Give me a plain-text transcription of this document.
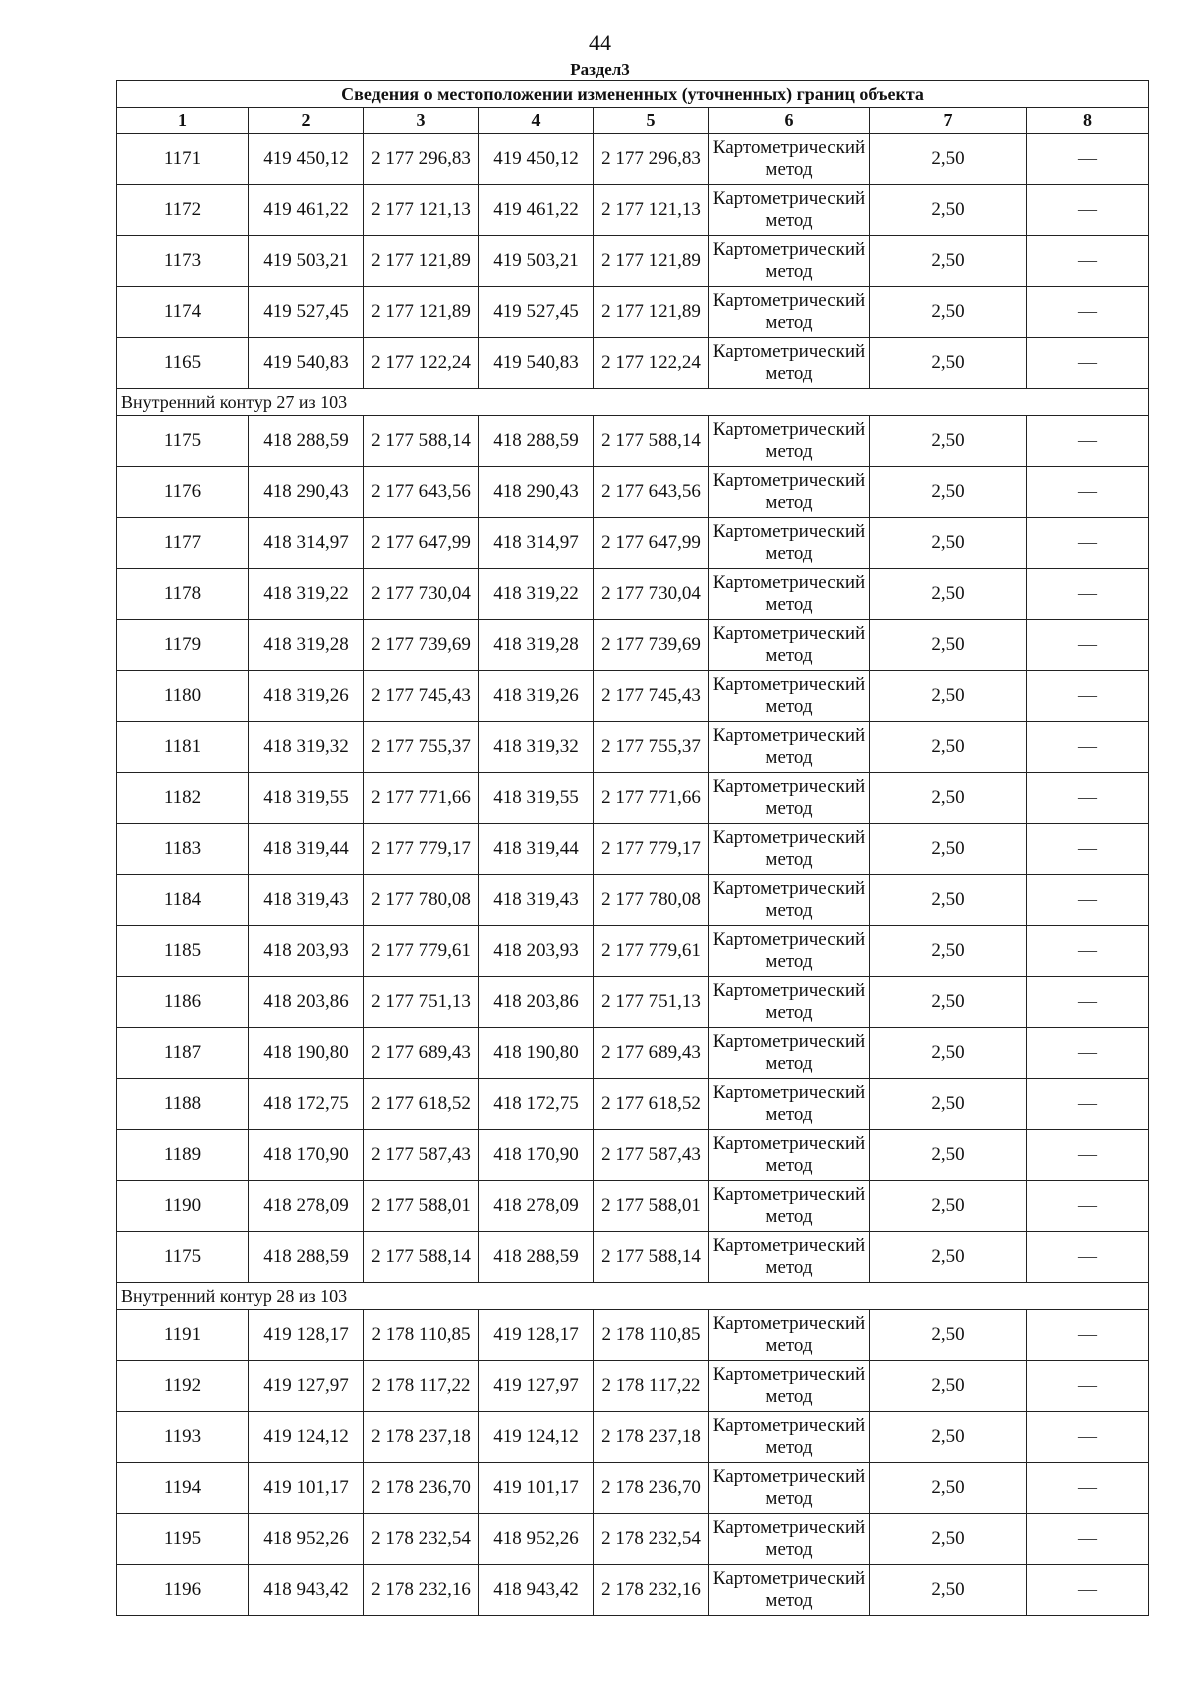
44
Раздел3
Сведения о местоположении измененных (уточненных) границ объекта							
1	2	3	4	5	6	7	8
1171	419 450,12	2 177 296,83	419 450,12	2 177 296,83	Картометрический метод	2,50	—
1172	419 461,22	2 177 121,13	419 461,22	2 177 121,13	Картометрический метод	2,50	—
1173	419 503,21	2 177 121,89	419 503,21	2 177 121,89	Картометрический метод	2,50	—
1174	419 527,45	2 177 121,89	419 527,45	2 177 121,89	Картометрический метод	2,50	—
1165	419 540,83	2 177 122,24	419 540,83	2 177 122,24	Картометрический метод	2,50	—
Внутренний контур 27 из 103							
1175	418 288,59	2 177 588,14	418 288,59	2 177 588,14	Картометрический метод	2,50	—
1176	418 290,43	2 177 643,56	418 290,43	2 177 643,56	Картометрический метод	2,50	—
1177	418 314,97	2 177 647,99	418 314,97	2 177 647,99	Картометрический метод	2,50	—
1178	418 319,22	2 177 730,04	418 319,22	2 177 730,04	Картометрический метод	2,50	—
1179	418 319,28	2 177 739,69	418 319,28	2 177 739,69	Картометрический метод	2,50	—
1180	418 319,26	2 177 745,43	418 319,26	2 177 745,43	Картометрический метод	2,50	—
1181	418 319,32	2 177 755,37	418 319,32	2 177 755,37	Картометрический метод	2,50	—
1182	418 319,55	2 177 771,66	418 319,55	2 177 771,66	Картометрический метод	2,50	—
1183	418 319,44	2 177 779,17	418 319,44	2 177 779,17	Картометрический метод	2,50	—
1184	418 319,43	2 177 780,08	418 319,43	2 177 780,08	Картометрический метод	2,50	—
1185	418 203,93	2 177 779,61	418 203,93	2 177 779,61	Картометрический метод	2,50	—
1186	418 203,86	2 177 751,13	418 203,86	2 177 751,13	Картометрический метод	2,50	—
1187	418 190,80	2 177 689,43	418 190,80	2 177 689,43	Картометрический метод	2,50	—
1188	418 172,75	2 177 618,52	418 172,75	2 177 618,52	Картометрический метод	2,50	—
1189	418 170,90	2 177 587,43	418 170,90	2 177 587,43	Картометрический метод	2,50	—
1190	418 278,09	2 177 588,01	418 278,09	2 177 588,01	Картометрический метод	2,50	—
1175	418 288,59	2 177 588,14	418 288,59	2 177 588,14	Картометрический метод	2,50	—
Внутренний контур 28 из 103							
1191	419 128,17	2 178 110,85	419 128,17	2 178 110,85	Картометрический метод	2,50	—
1192	419 127,97	2 178 117,22	419 127,97	2 178 117,22	Картометрический метод	2,50	—
1193	419 124,12	2 178 237,18	419 124,12	2 178 237,18	Картометрический метод	2,50	—
1194	419 101,17	2 178 236,70	419 101,17	2 178 236,70	Картометрический метод	2,50	—
1195	418 952,26	2 178 232,54	418 952,26	2 178 232,54	Картометрический метод	2,50	—
1196	418 943,42	2 178 232,16	418 943,42	2 178 232,16	Картометрический метод	2,50	—
